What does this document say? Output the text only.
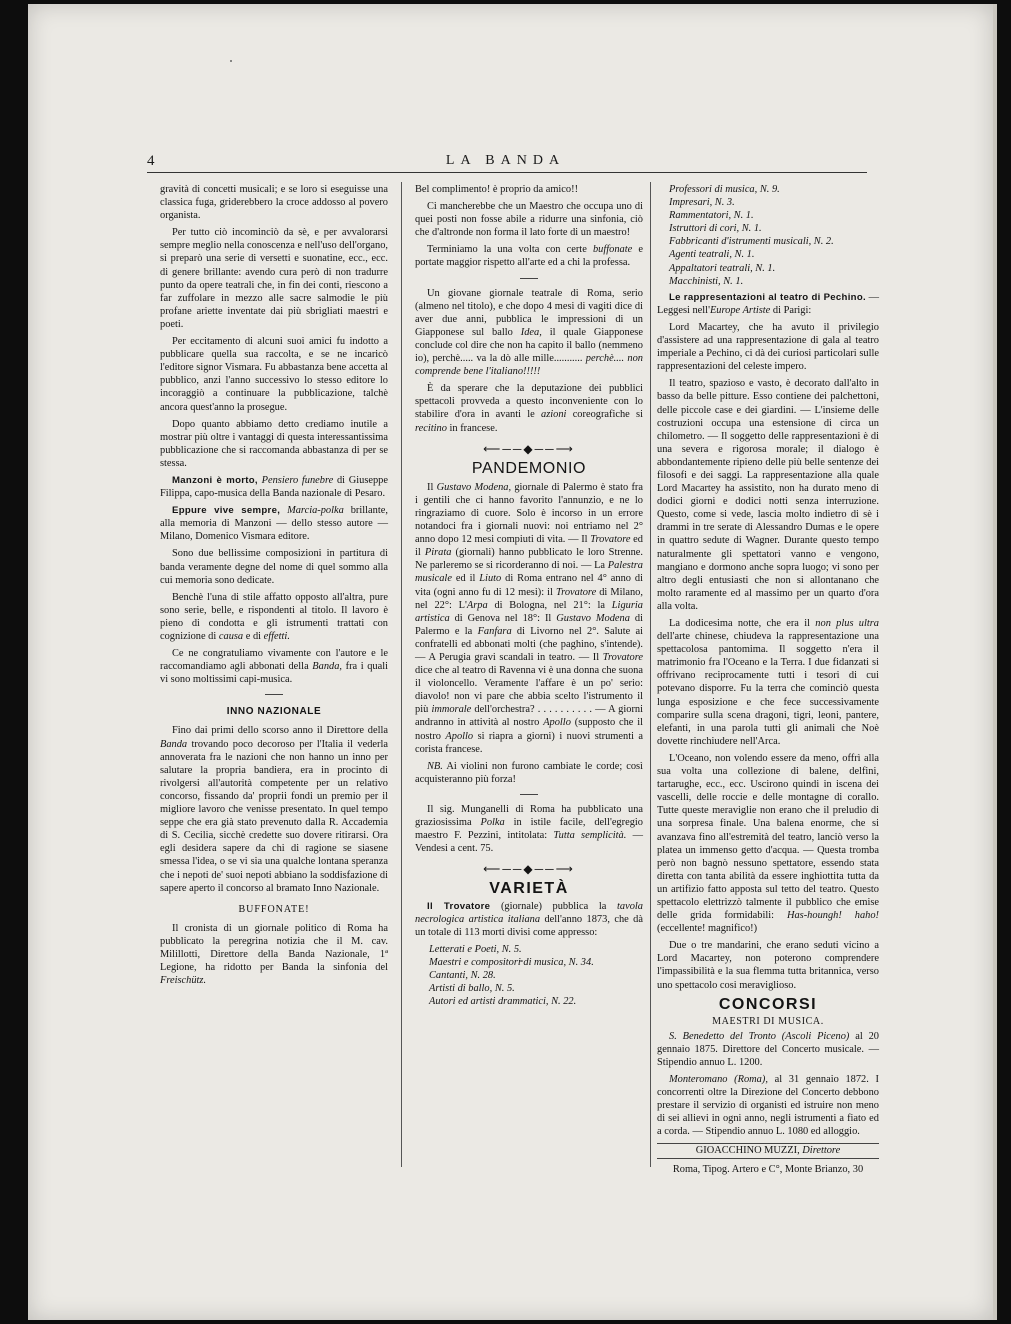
4	LA BANDA

gravità di concetti musicali; e se loro si eseguisse una classica fuga, griderebbero la croce addosso al povero organista.

Per tutto ciò incominciò da sè, e per avvalorarsi sempre meglio nella conoscenza e nell'uso dell'organo, si preparò una serie di versetti e suonatine, ecc., ecc. di genere brillante: avendo cura però di non tradurre punto da opere teatrali che, in fin dei conti, riescono a far zuffolare in mezzo alle sacre salmodie le più profane ariette inventate dai più sbrigliati maestri e poeti.

Per eccitamento di alcuni suoi amici fu indotto a pubblicare quella sua raccolta, e se ne incaricò l'editore signor Vismara. Fu abbastanza bene accetta al pubblico, anzi l'anno successivo lo stesso editore lo incoraggiò a continuare la pubblicazione, talchè ancora quest'anno la prosegue.

Dopo quanto abbiamo detto crediamo inutile a mostrar più oltre i vantaggi di questa interessantissima pubblicazione che si raccomanda abbastanza di per se stessa.

Manzoni è morto, Pensiero funebre di Giuseppe Filippa, capo-musica della Banda nazionale di Pesaro.

Eppure vive sempre, Marcia-polka brillante, alla memoria di Manzoni — dello stesso autore — Milano, Domenico Vismara editore.

Sono due bellissime composizioni in partitura di banda veramente degne del nome di quel sommo alla cui memoria sono dedicate.

Benchè l'una di stile affatto opposto all'altra, pure sono serie, belle, e rispondenti al titolo. Il lavoro è pieno di condotta e gli istrumenti trattati con cognizione di causa e di effetti.

Ce ne congratuliamo vivamente con l'autore e le raccomandiamo agli abbonati della Banda, fra i quali vi sono moltissimi capi-musica.

INNO NAZIONALE

Fino dai primi dello scorso anno il Direttore della Banda trovando poco decoroso per l'Italia il vederla annoverata fra le nazioni che non hanno un inno per salutare la propria bandiera, era in procinto di rivolgersi all'autorità competente per un relativo concorso, fissando da' proprii fondi un premio per il migliore lavoro che venisse presentato. In quel tempo seppe che era già stato prevenuto dalla R. Accademia di S. Cecilia, sicchè credette suo dovere ritirarsi. Ora egli desidera sapere da chi di ragione se siasene smessa l'idea, o se vi sia una qualche lontana speranza che i nepoti de' suoi nepoti abbiano la soddisfazione di sapere aperto il concorso al bramato Inno Nazionale.

BUFFONATE!

Il cronista di un giornale politico di Roma ha pubblicato la peregrina notizia che il M. cav. Milillotti, Direttore della Banda Nazionale, 1ª Legione, ha ridotto per Banda la sinfonia del Freischütz.

Bel complimento! è proprio da amico!!

Ci mancherebbe che un Maestro che occupa uno di quei posti non fosse abile a ridurre una sinfonia, ciò che d'altronde non forma il lato forte di un maestro!

Terminiamo la una volta con certe buffonate e portate maggior rispetto all'arte ed a chi la professa.

Un giovane giornale teatrale di Roma, serio (almeno nel titolo), e che dopo 4 mesi di vagiti dice di aver due anni, pubblica le impressioni di un Giapponese sul ballo Idea, il quale Giapponese conclude col dire che non ha capito il ballo (nemmeno io), perchè..... va la dò alle mille........... perchè.... non comprende bene l'italiano!!!!!

È da sperare che la deputazione dei pubblici spettacoli provveda a questo inconveniente con lo stabilire d'ora in avanti le azioni coreografiche si recitino in francese.

⟵──◆──⟶
PANDEMONIO

Il Gustavo Modena, giornale di Palermo è stato fra i gentili che ci hanno favorito l'annunzio, e ne lo ringraziamo di cuore. Solo è incorso in un errore notandoci fra i giornali nuovi: noi entriamo nel 2° anno dopo 12 mesi compiuti di vita. — Il Trovatore ed il Pirata (giornali) hanno pubblicato le loro Strenne. Ne parleremo se si ricorderanno di noi. — La Palestra musicale ed il Liuto di Roma entrano nel 4° anno di vita (ogni anno fu di 12 mesi): il Trovatore di Milano, nel 22°: L'Arpa di Bologna, nel 21°: la Liguria artistica di Genova nel 18°: Il Gustavo Modena di Palermo e la Fanfara di Livorno nel 2°. Salute ai confratelli ed abbonati molti (che paghino, s'intende). — A Perugia gravi scandali in teatro. — Il Trovatore dice che al teatro di Ravenna vi è una donna che suona il violoncello. Veramente l'affare è un po' serio: diavolo! non vi pare che abbia scelto l'istrumento il più immorale dell'orchestra? . . . . . . . . . . — A giorni andranno in attività al nostro Apollo (supposto che il nostro Apollo si riapra a giorni) i nuovi strumenti a corista francese.

NB. Ai violini non furono cambiate le corde; così acquisteranno più forza!

Il sig. Munganelli di Roma ha pubblicato una graziosissima Polka in istile facile, dell'egregio maestro F. Pezzini, intitolata: Tutta semplicità. — Vendesi a cent. 75.

⟵──◆──⟶
VARIETÀ

Il Trovatore (giornale) pubblica la tavola necrologica artistica italiana dell'anno 1873, che dà un totale di 113 morti divisi come appresso:

Letterati e Poeti, N. 5.
Maestri e compositori di musica, N. 34.
Cantanti, N. 28.
Artisti di ballo, N. 5.
Autori ed artisti drammatici, N. 22.
Professori di musica, N. 9.
Impresari, N. 3.
Rammentatori, N. 1.
Istruttori di cori, N. 1.
Fabbricanti d'istrumenti musicali, N. 2.
Agenti teatrali, N. 1.
Appaltatori teatrali, N. 1.
Macchinisti, N. 1.

Le rappresentazioni al teatro di Pechino. — Leggesi nell'Europe Artiste di Parigi:

Lord Macartey, che ha avuto il privilegio d'assistere ad una rappresentazione di gala al teatro imperiale a Pechino, ci dà dei curiosi particolari sulle rappresentazioni del celeste impero.

Il teatro, spazioso e vasto, è decorato dall'alto in basso da belle pitture. Esso contiene dei palchettoni, delle piccole case e dei giardini. — L'insieme delle costruzioni occupa una estensione di circa un chilometro. — Il soggetto delle rappresentazioni è di una severa e rigorosa morale; il dialogo è abbondantemente ripieno delle più belle sentenze dei filosofi e dei saggi. La rappresentazione alla quale Lord Macartey ha assistito, non ha durato meno di dodici giorni e dodici notti senza interruzione. Questo, come si vede, lascia molto indietro di sè i drammi in tre serate di Alessandro Dumas e le opere in quattro sedute di Wagner. Durante questo tempo naturalmente gli spettatori vanno e vengono, mangiano e dormono anche sopra luogo; vi sono per altro degli entusiasti che non si allontanano che molto raramente ed al massimo per un quarto d'ora alla volta.

La dodicesima notte, che era il non plus ultra dell'arte chinese, chiudeva la rappresentazione una spettacolosa pantomima. Il soggetto n'era il matrimonio fra l'Oceano e la Terra. I due fidanzati si offrivano reciprocamente tutti i tesori di cui potevano disporre. Fu la terra che cominciò questa lunga esposizione e che fece successivamente comparire sulla scena dragoni, tigri, leoni, pantere, elefanti, in una parola tutti gli animali che Noè dovette rinchiudere nell'Arca.

L'Oceano, non volendo essere da meno, offrì alla sua volta una collezione di balene, delfini, tartarughe, ecc., ecc. Uscirono quindi in iscena dei vascelli, delle roccie e delle montagne di corallo. Tutte queste meraviglie non erano che il preludio di una sorpresa finale. Una balena enorme, che si avanzava fino all'estremità del teatro, lanciò verso la platea un immenso getto d'acqua. — Questa tromba però non bagnò nessuno spettatore, essendo stata diretta con tanta abilità da essere inghiottita tutta da un artifizio fatto apposta sul tetto del teatro. Questo spettacolo elettrizzò talmente il pubblico che emise delle grida formidabili: Has-houngh! haho! (eccellente! magnifico!)

Due o tre mandarini, che erano seduti vicino a Lord Macartey, non poterono comprendere l'impassibilità e la sua flemma tutta britannica, verso uno spettacolo cosi meraviglioso.

CONCORSI
MAESTRI DI MUSICA.

S. Benedetto del Tronto (Ascoli Piceno) al 20 gennaio 1875. Direttore del Concerto musicale. — Stipendio annuo L. 1200.

Monteromano (Roma), al 31 gennaio 1872. I concorrenti oltre la Direzione del Concerto debbono prestare il servizio di organisti ed istruire non meno di sei allievi in ogni anno, negli istrumenti a fiato ed a corda. — Stipendio annuo L. 1080 ed alloggio.

GIOACCHINO MUZZI, Direttore
Roma, Tipog. Artero e C°, Monte Brianzo, 30
